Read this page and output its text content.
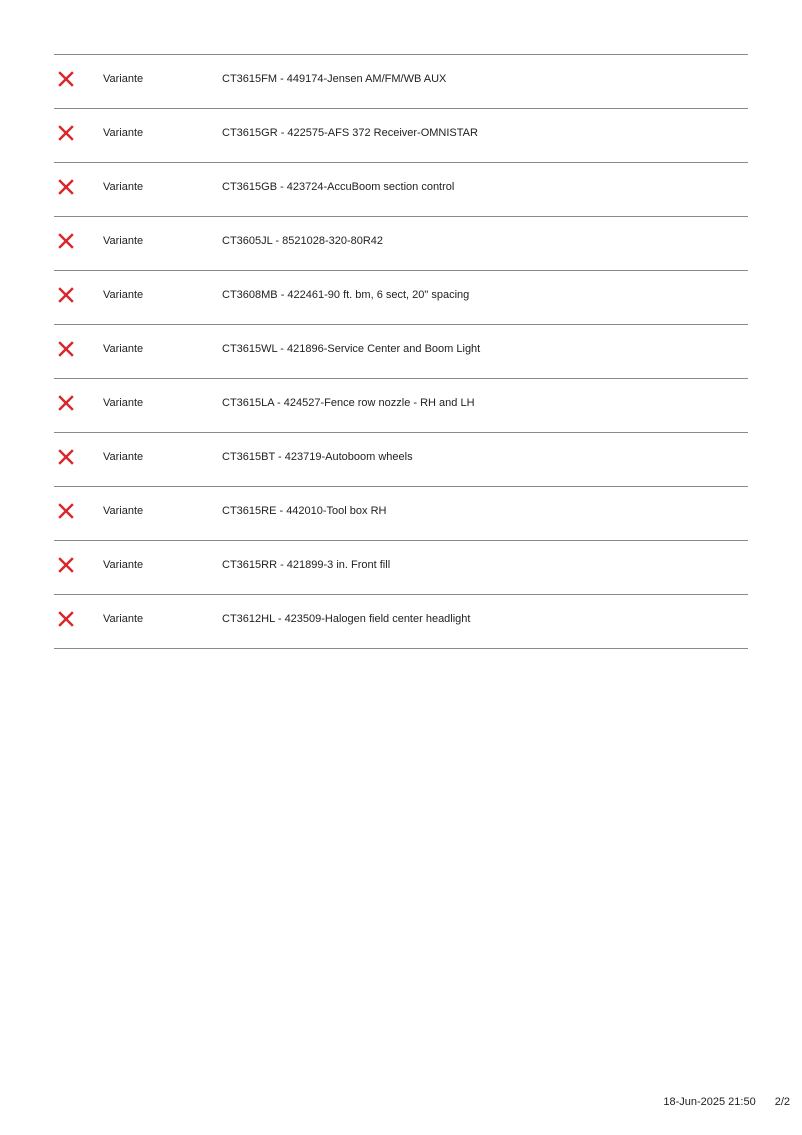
Variante	CT3615FM - 449174-Jensen AM/FM/WB AUX
Variante	CT3615GR - 422575-AFS 372 Receiver-OMNISTAR
Variante	CT3615GB - 423724-AccuBoom section control
Variante	CT3605JL - 8521028-320-80R42
Variante	CT3608MB - 422461-90 ft. bm, 6 sect, 20" spacing
Variante	CT3615WL - 421896-Service Center and Boom Light
Variante	CT3615LA - 424527-Fence row nozzle - RH and LH
Variante	CT3615BT - 423719-Autoboom wheels
Variante	CT3615RE - 442010-Tool box RH
Variante	CT3615RR - 421899-3 in. Front fill
Variante	CT3612HL - 423509-Halogen field center headlight
18-Jun-2025 21:50 2/2
